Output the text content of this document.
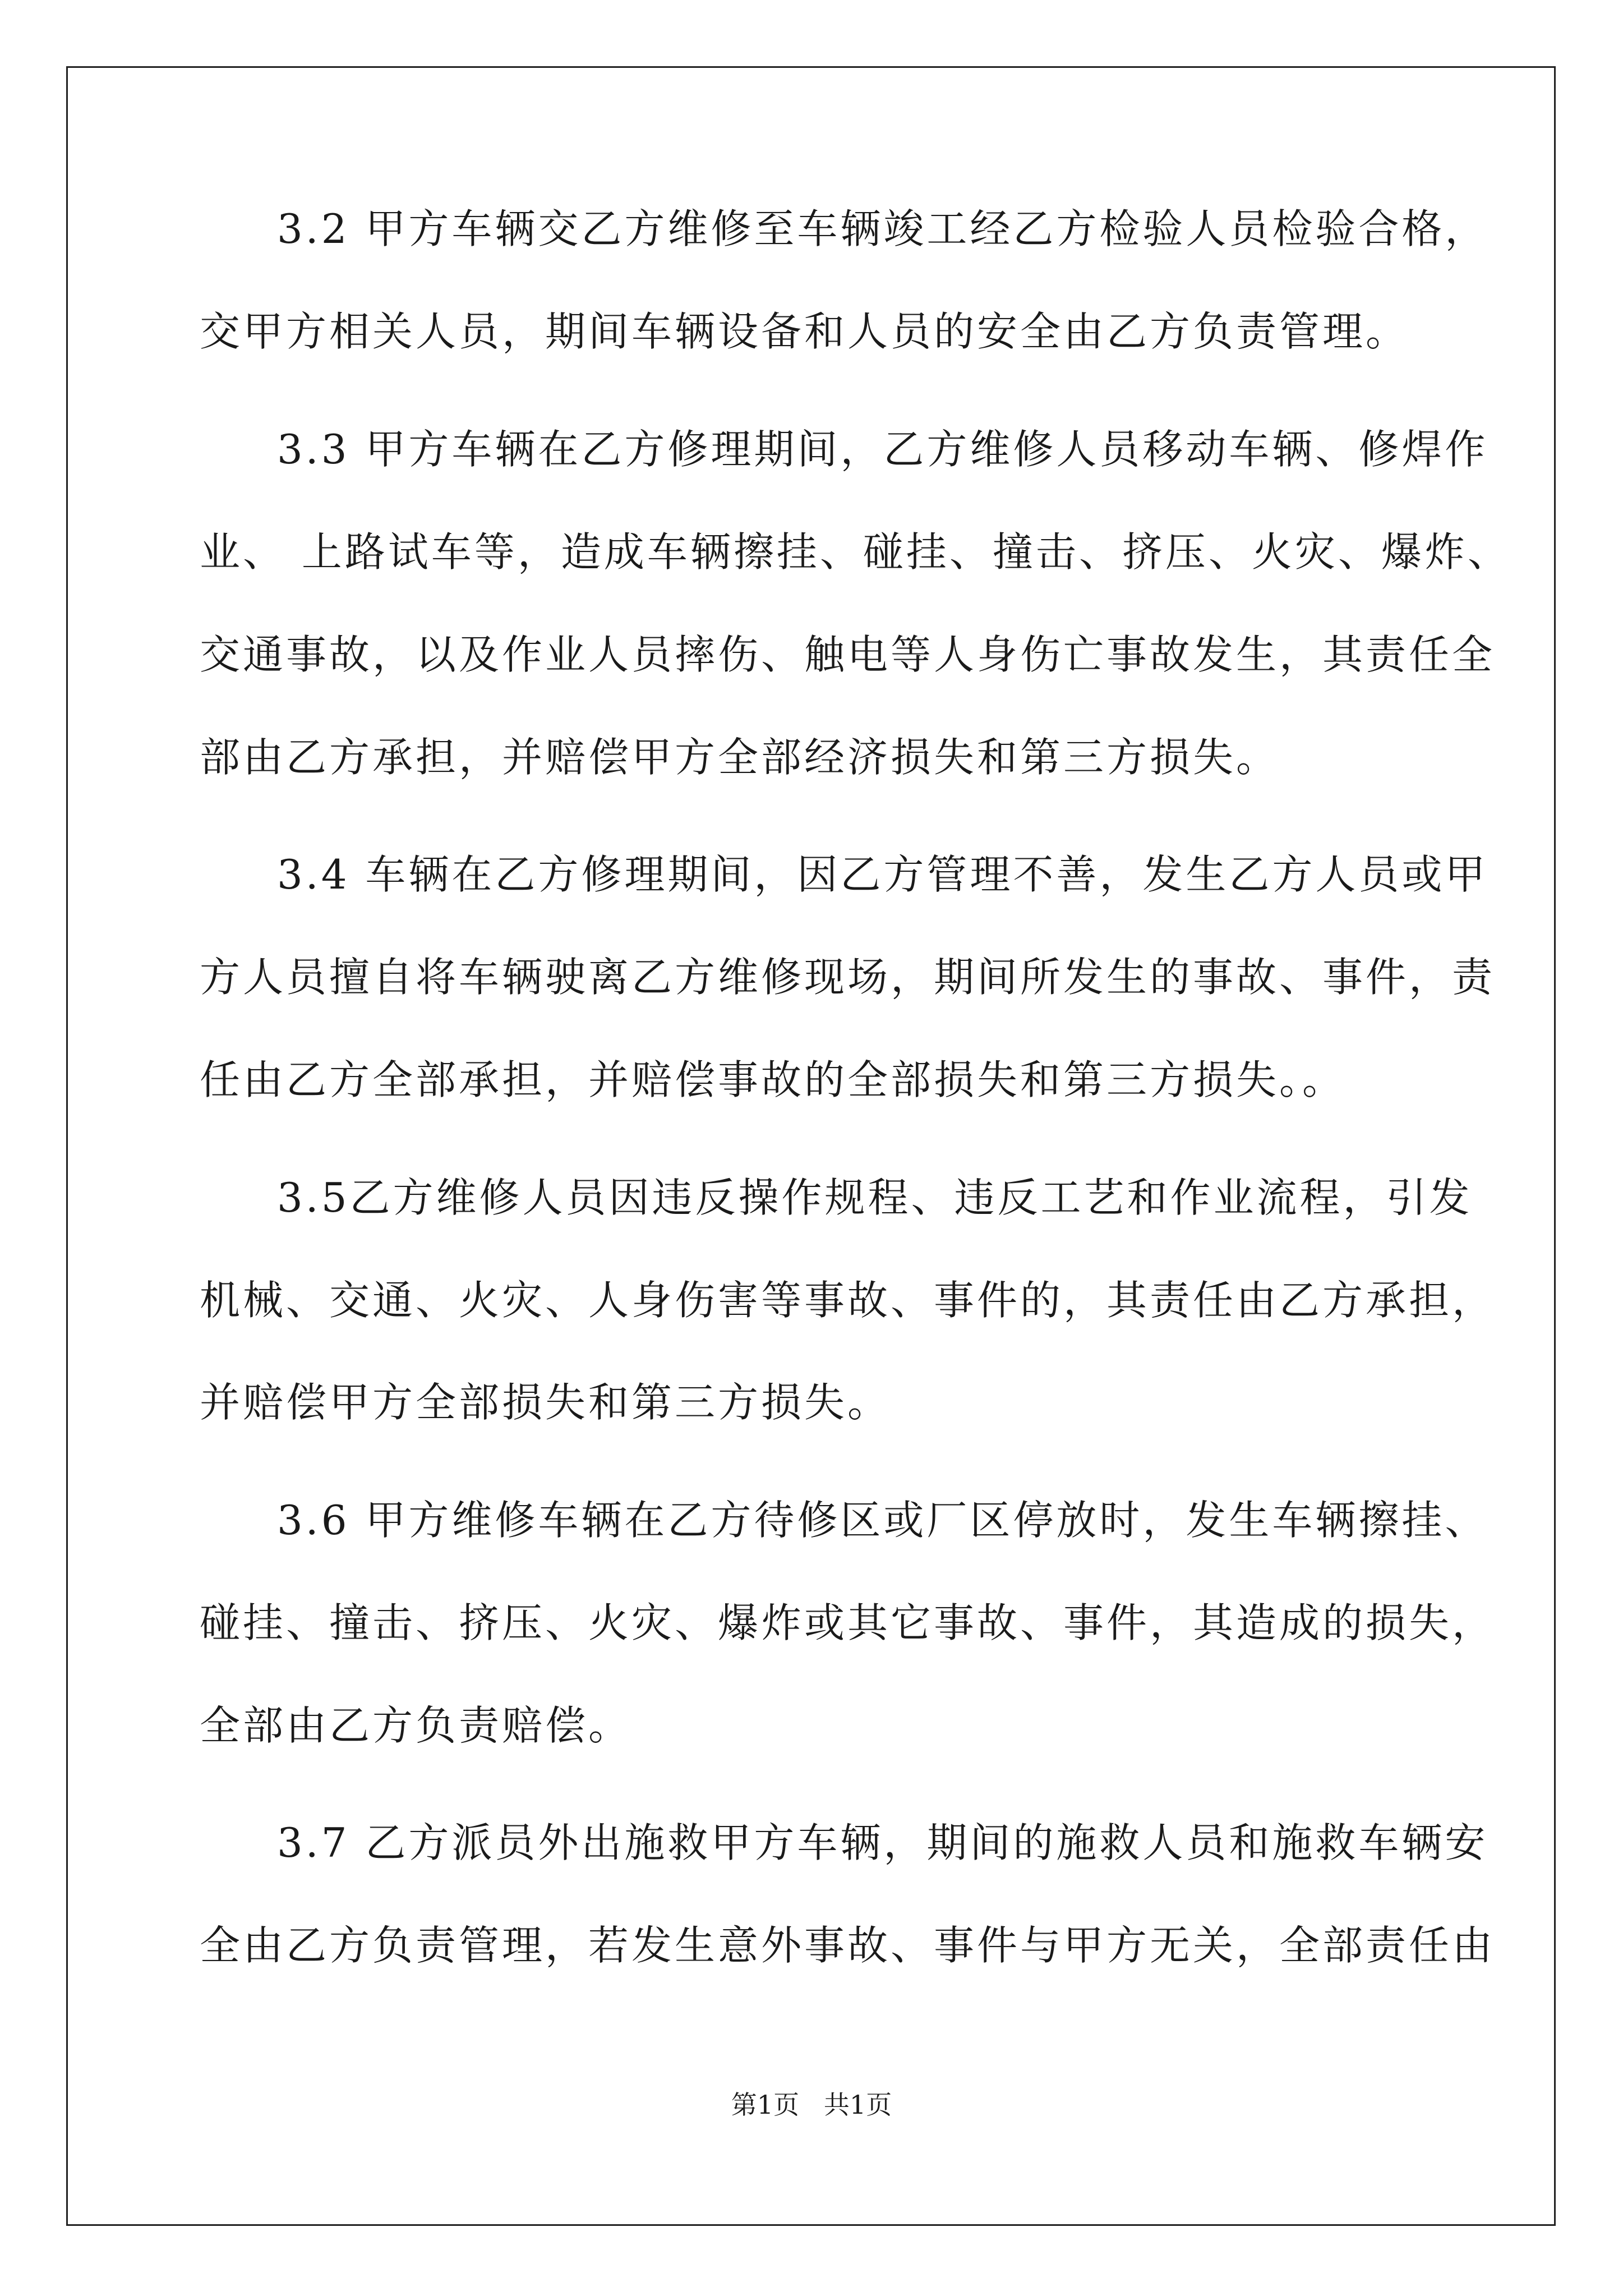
3.2 甲方车辆交乙方维修至车辆竣工经乙方检验人员检验合格，
交甲方相关人员，期间车辆设备和人员的安全由乙方负责管理。
3.3 甲方车辆在乙方修理期间，乙方维修人员移动车辆、修焊作
业、 上路试车等，造成车辆擦挂、碰挂、撞击、挤压、火灾、爆炸、
交通事故，以及作业人员摔伤、触电等人身伤亡事故发生，其责任全
部由乙方承担，并赔偿甲方全部经济损失和第三方损失。
3.4 车辆在乙方修理期间，因乙方管理不善，发生乙方人员或甲
方人员擅自将车辆驶离乙方维修现场，期间所发生的事故、事件，责
任由乙方全部承担，并赔偿事故的全部损失和第三方损失。。
3.5乙方维修人员因违反操作规程、违反工艺和作业流程，引发
机械、交通、火灾、人身伤害等事故、事件的，其责任由乙方承担，
并赔偿甲方全部损失和第三方损失。
3.6 甲方维修车辆在乙方待修区或厂区停放时，发生车辆擦挂、
碰挂、撞击、挤压、火灾、爆炸或其它事故、事件，其造成的损失，
全部由乙方负责赔偿。
3.7 乙方派员外出施救甲方车辆，期间的施救人员和施救车辆安
全由乙方负责管理，若发生意外事故、事件与甲方无关，全部责任由
第1页   共1页
